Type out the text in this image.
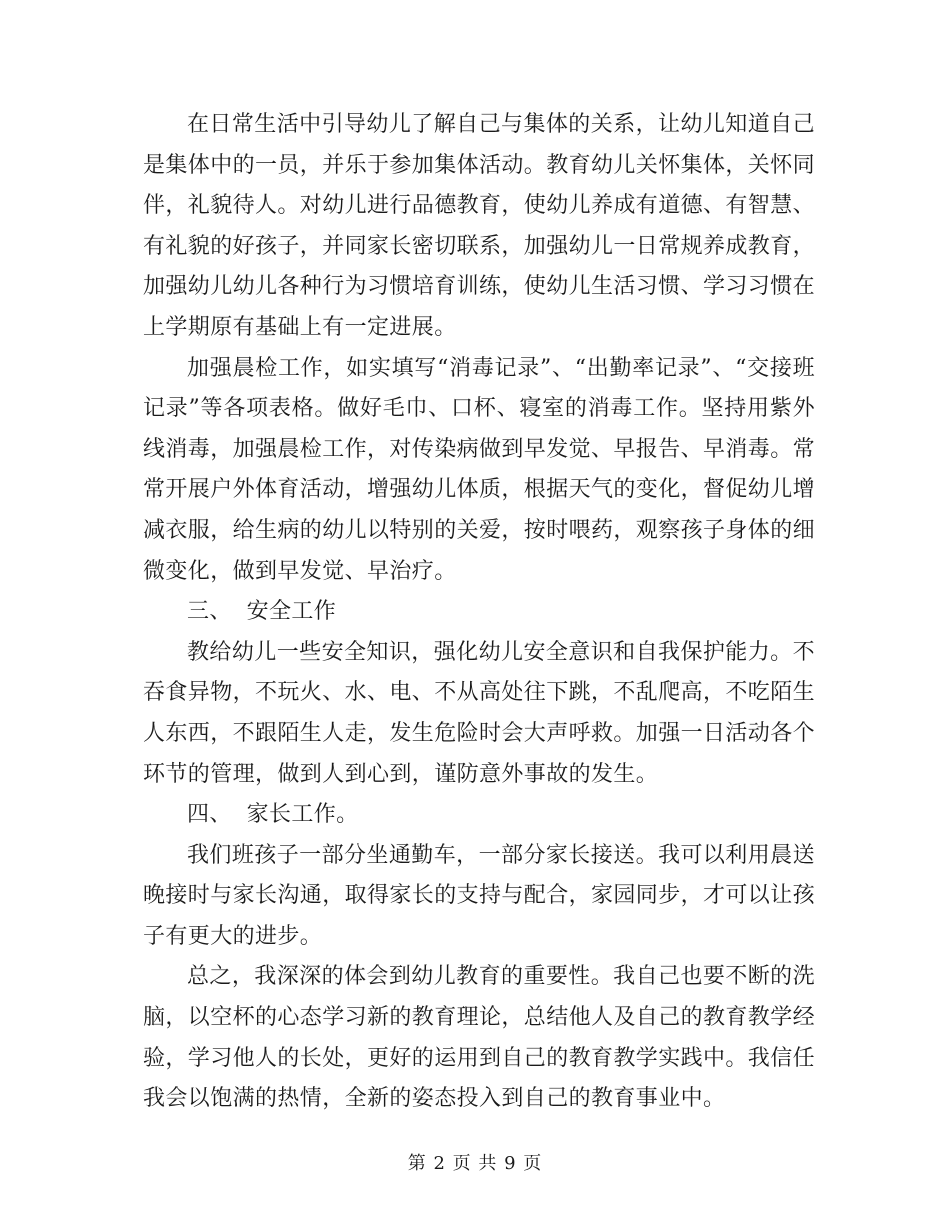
在日常生活中引导幼儿了解自己与集体的关系，让幼儿知道自己是集体中的一员，并乐于参加集体活动。教育幼儿关怀集体，关怀同伴，礼貌待人。对幼儿进行品德教育，使幼儿养成有道德、有智慧、有礼貌的好孩子，并同家长密切联系，加强幼儿一日常规养成教育，加强幼儿幼儿各种行为习惯培育训练，使幼儿生活习惯、学习习惯在上学期原有基础上有一定进展。

加强晨检工作，如实填写“消毒记录”、“出勤率记录”、“交接班记录”等各项表格。做好毛巾、口杯、寝室的消毒工作。坚持用紫外线消毒，加强晨检工作，对传染病做到早发觉、早报告、早消毒。常常开展户外体育活动，增强幼儿体质，根据天气的变化，督促幼儿增减衣服，给生病的幼儿以特别的关爱，按时喂药，观察孩子身体的细微变化，做到早发觉、早治疗。

三、  安全工作

教给幼儿一些安全知识，强化幼儿安全意识和自我保护能力。不吞食异物，不玩火、水、电、不从高处往下跳，不乱爬高，不吃陌生人东西，不跟陌生人走，发生危险时会大声呼救。加强一日活动各个环节的管理，做到人到心到，谨防意外事故的发生。

四、  家长工作。

我们班孩子一部分坐通勤车，一部分家长接送。我可以利用晨送晚接时与家长沟通，取得家长的支持与配合，家园同步，才可以让孩子有更大的进步。

总之，我深深的体会到幼儿教育的重要性。我自己也要不断的洗脑，以空杯的心态学习新的教育理论，总结他人及自己的教育教学经验，学习他人的长处，更好的运用到自己的教育教学实践中。我信任我会以饱满的热情，全新的姿态投入到自己的教育事业中。

第 2 页 共 9 页
